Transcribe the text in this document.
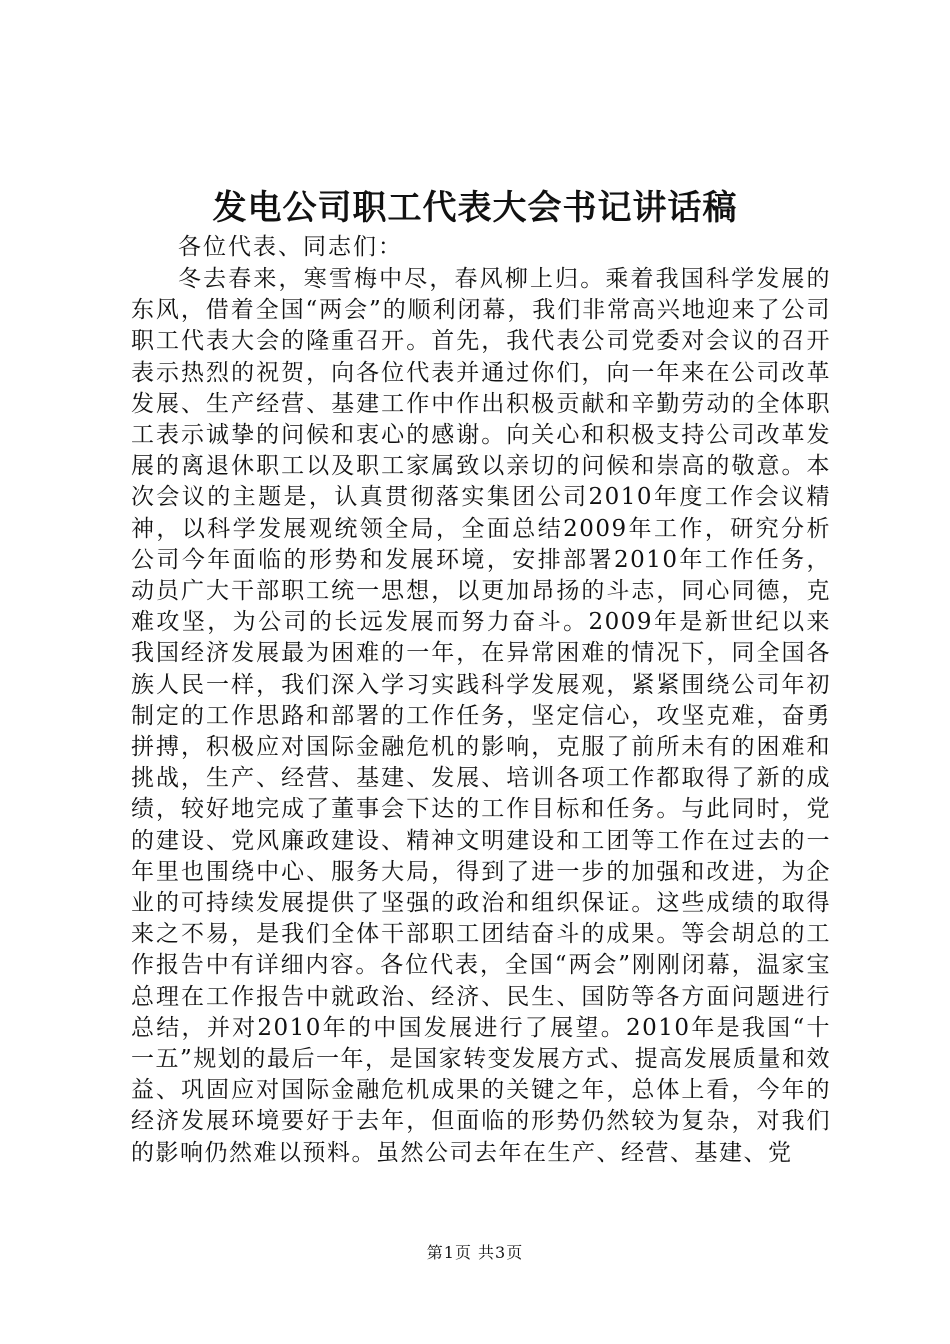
发电公司职工代表大会书记讲话稿
各位代表、同志们：

冬去春来，寒雪梅中尽，春风柳上归。乘着我国科学发展的东风，借着全国“两会”的顺利闭幕，我们非常高兴地迎来了公司职工代表大会的隆重召开。首先，我代表公司党委对会议的召开表示热烈的祝贺，向各位代表并通过你们，向一年来在公司改革发展、生产经营、基建工作中作出积极贡献和辛勤劳动的全体职工表示诚挚的问候和衷心的感谢。向关心和积极支持公司改革发展的离退休职工以及职工家属致以亲切的问候和崇高的敬意。本次会议的主题是，认真贯彻落实集团公司2010年度工作会议精神，以科学发展观统领全局，全面总结2009年工作，研究分析公司今年面临的形势和发展环境，安排部署2010年工作任务，动员广大干部职工统一思想，以更加昂扬的斗志，同心同德，克难攻坚，为公司的长远发展而努力奋斗。2009年是新世纪以来我国经济发展最为困难的一年，在异常困难的情况下，同全国各族人民一样，我们深入学习实践科学发展观，紧紧围绕公司年初制定的工作思路和部署的工作任务，坚定信心，攻坚克难，奋勇拼搏，积极应对国际金融危机的影响，克服了前所未有的困难和挑战，生产、经营、基建、发展、培训各项工作都取得了新的成绩，较好地完成了董事会下达的工作目标和任务。与此同时，党的建设、党风廉政建设、精神文明建设和工团等工作在过去的一年里也围绕中心、服务大局，得到了进一步的加强和改进，为企业的可持续发展提供了坚强的政治和组织保证。这些成绩的取得来之不易，是我们全体干部职工团结奋斗的成果。等会胡总的工作报告中有详细内容。各位代表，全国“两会”刚刚闭幕，温家宝总理在工作报告中就政治、经济、民生、国防等各方面问题进行总结，并对2010年的中国发展进行了展望。2010年是我国“十一五”规划的最后一年，是国家转变发展方式、提高发展质量和效益、巩固应对国际金融危机成果的关键之年，总体上看，今年的经济发展环境要好于去年，但面临的形势仍然较为复杂，对我们的影响仍然难以预料。虽然公司去年在生产、经营、基建、党

第1页 共3页
